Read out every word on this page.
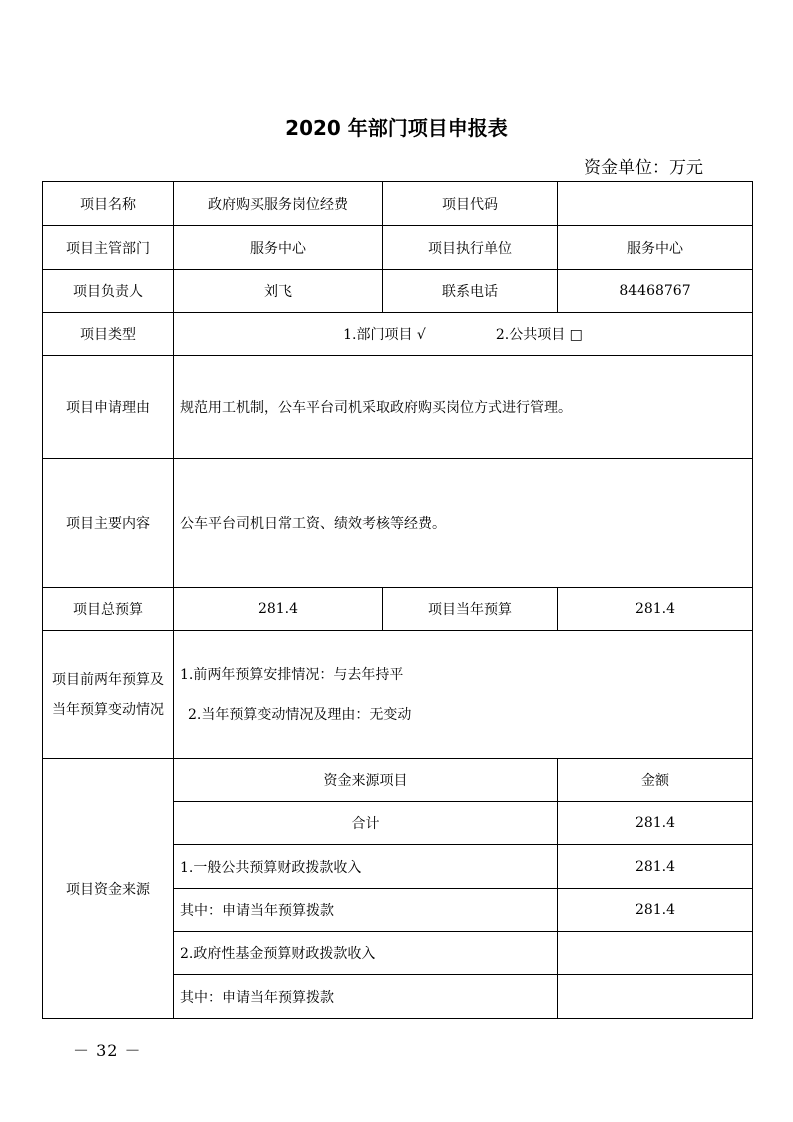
2020 年部门项目申报表
资金单位：万元
项目名称	政府购买服务岗位经费	项目代码	
项目主管部门	服务中心	项目执行单位	服务中心
项目负责人	刘飞	联系电话	84468767
项目类型	1.部门项目 √ 2.公共项目 □		
项目申请理由	规范用工机制，公车平台司机采取政府购买岗位方式进行管理。		
项目主要内容	公车平台司机日常工资、绩效考核等经费。		
项目总预算	281.4	项目当年预算	281.4
项目前两年预算及当年预算变动情况	1.前两年预算安排情况：与去年持平

2.当年预算变动情况及理由：无变动		

项目资金来源	资金来源项目		金额
	合计		281.4
	1.一般公共预算财政拨款收入		281.4
	其中：申请当年预算拨款		281.4
	2.政府性基金预算财政拨款收入		
	其中：申请当年预算拨款		
－ 32 －
